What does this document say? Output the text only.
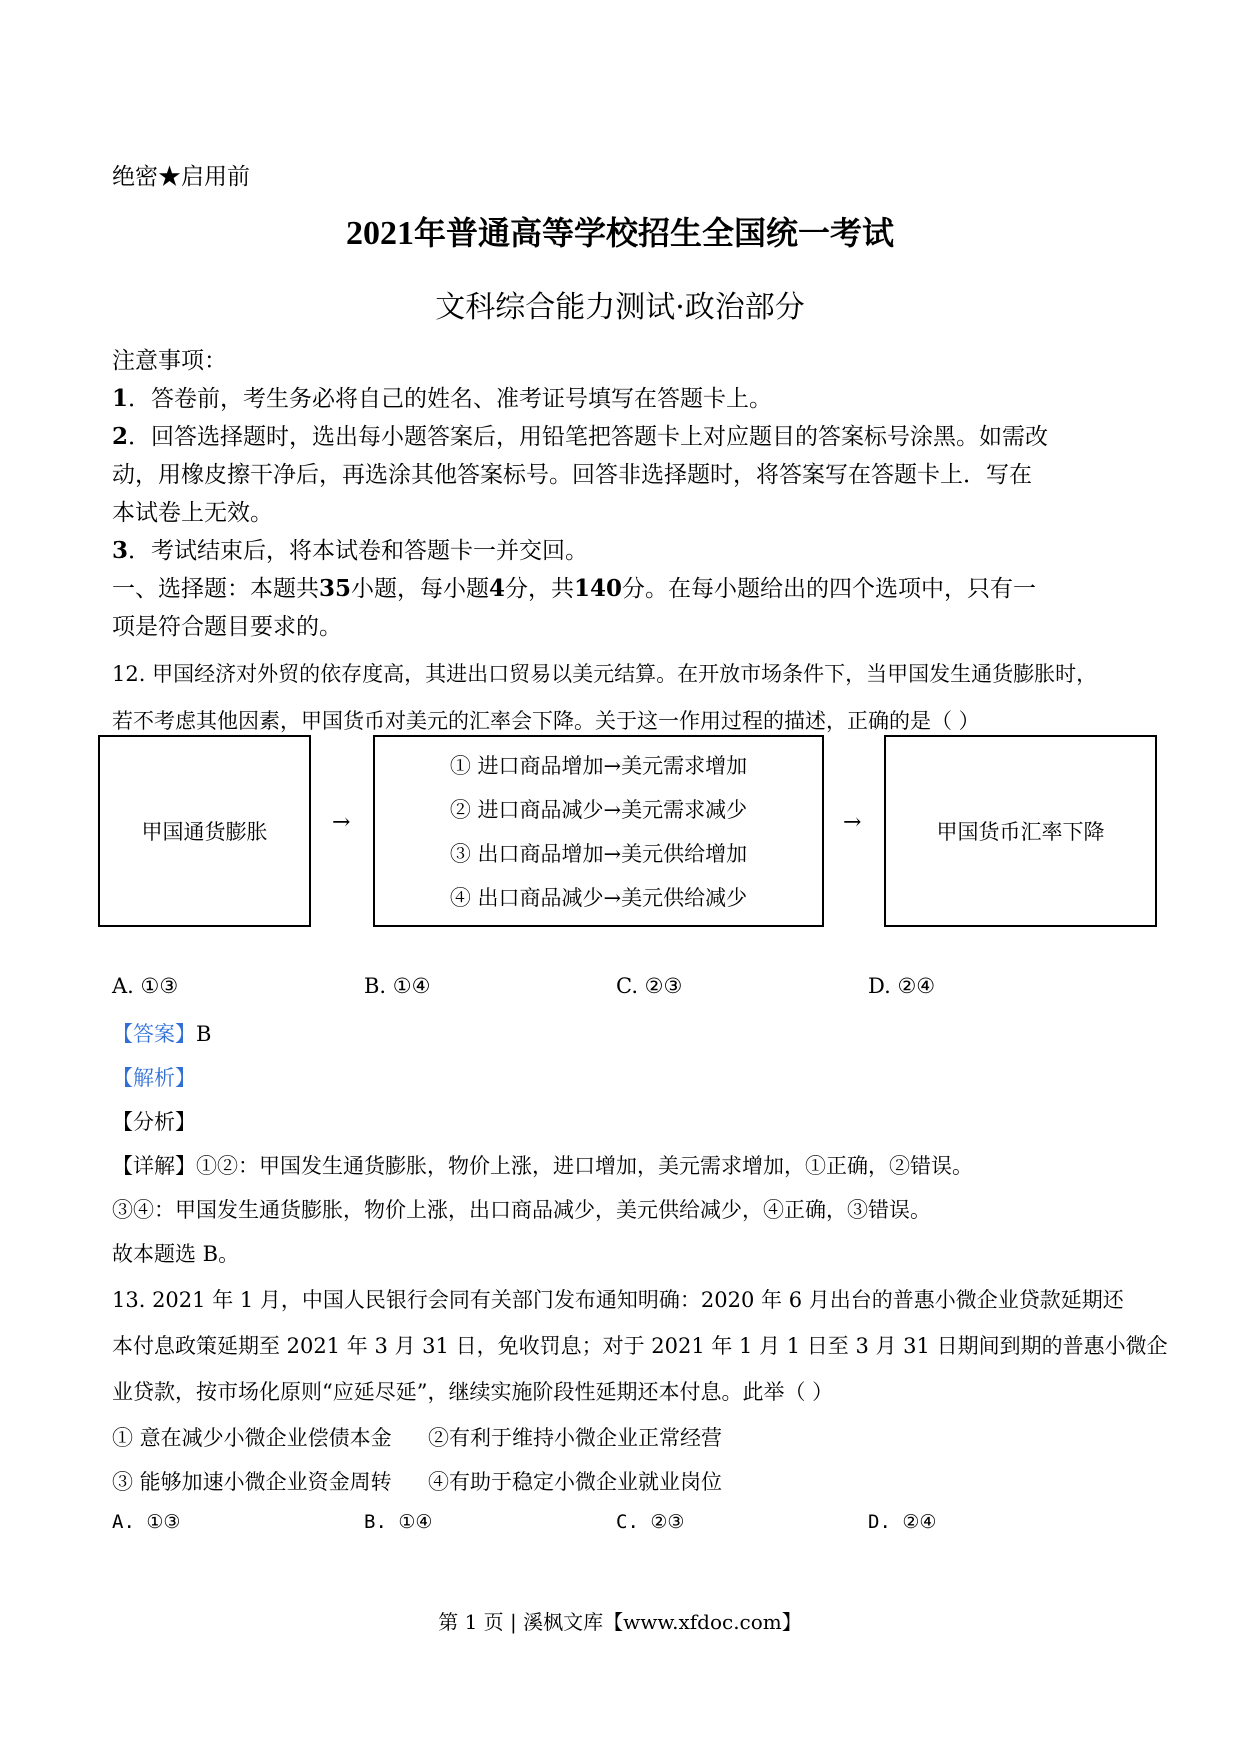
绝密★启用前
2021年普通高等学校招生全国统一考试
文科综合能力测试·政治部分
注意事项：
1．答卷前，考生务必将自己的姓名、准考证号填写在答题卡上。
2．回答选择题时，选出每小题答案后，用铅笔把答题卡上对应题目的答案标号涂黑。如需改
动，用橡皮擦干净后，再选涂其他答案标号。回答非选择题时，将答案写在答题卡上．写在
本试卷上无效。
3．考试结束后，将本试卷和答题卡一并交回。
一、选择题：本题共35小题，每小题4分，共140分。在每小题给出的四个选项中，只有一
项是符合题目要求的。
12. 甲国经济对外贸的依存度高，其进出口贸易以美元结算。在开放市场条件下，当甲国发生通货膨胀时，
若不考虑其他因素，甲国货币对美元的汇率会下降。关于这一作用过程的描述，正确的是（ ）
甲国通货膨胀	→
① 进口商品增加→美元需求增加
② 进口商品减少→美元需求减少
③ 出口商品增加→美元供给增加
④ 出口商品减少→美元供给减少
→	甲国货币汇率下降
A. ①③	B. ①④	C. ②③	D. ②④
【答案】B
【解析】
【分析】
【详解】①②：甲国发生通货膨胀，物价上涨，进口增加，美元需求增加，①正确，②错误。
③④：甲国发生通货膨胀，物价上涨，出口商品减少，美元供给减少，④正确，③错误。
故本题选 B。
13. 2021 年 1 月，中国人民银行会同有关部门发布通知明确：2020 年 6 月出台的普惠小微企业贷款延期还
本付息政策延期至 2021 年 3 月 31 日，免收罚息；对于 2021 年 1 月 1 日至 3 月 31 日期间到期的普惠小微企
业贷款，按市场化原则“应延尽延”，继续实施阶段性延期还本付息。此举（ ）
① 意在减少小微企业偿债本金 ②有利于维持小微企业正常经营
③ 能够加速小微企业资金周转 ④有助于稳定小微企业就业岗位
A. ①③	B. ①④	C. ②③	D. ②④
第 1 页 | 溪枫文库【www.xfdoc.com】
